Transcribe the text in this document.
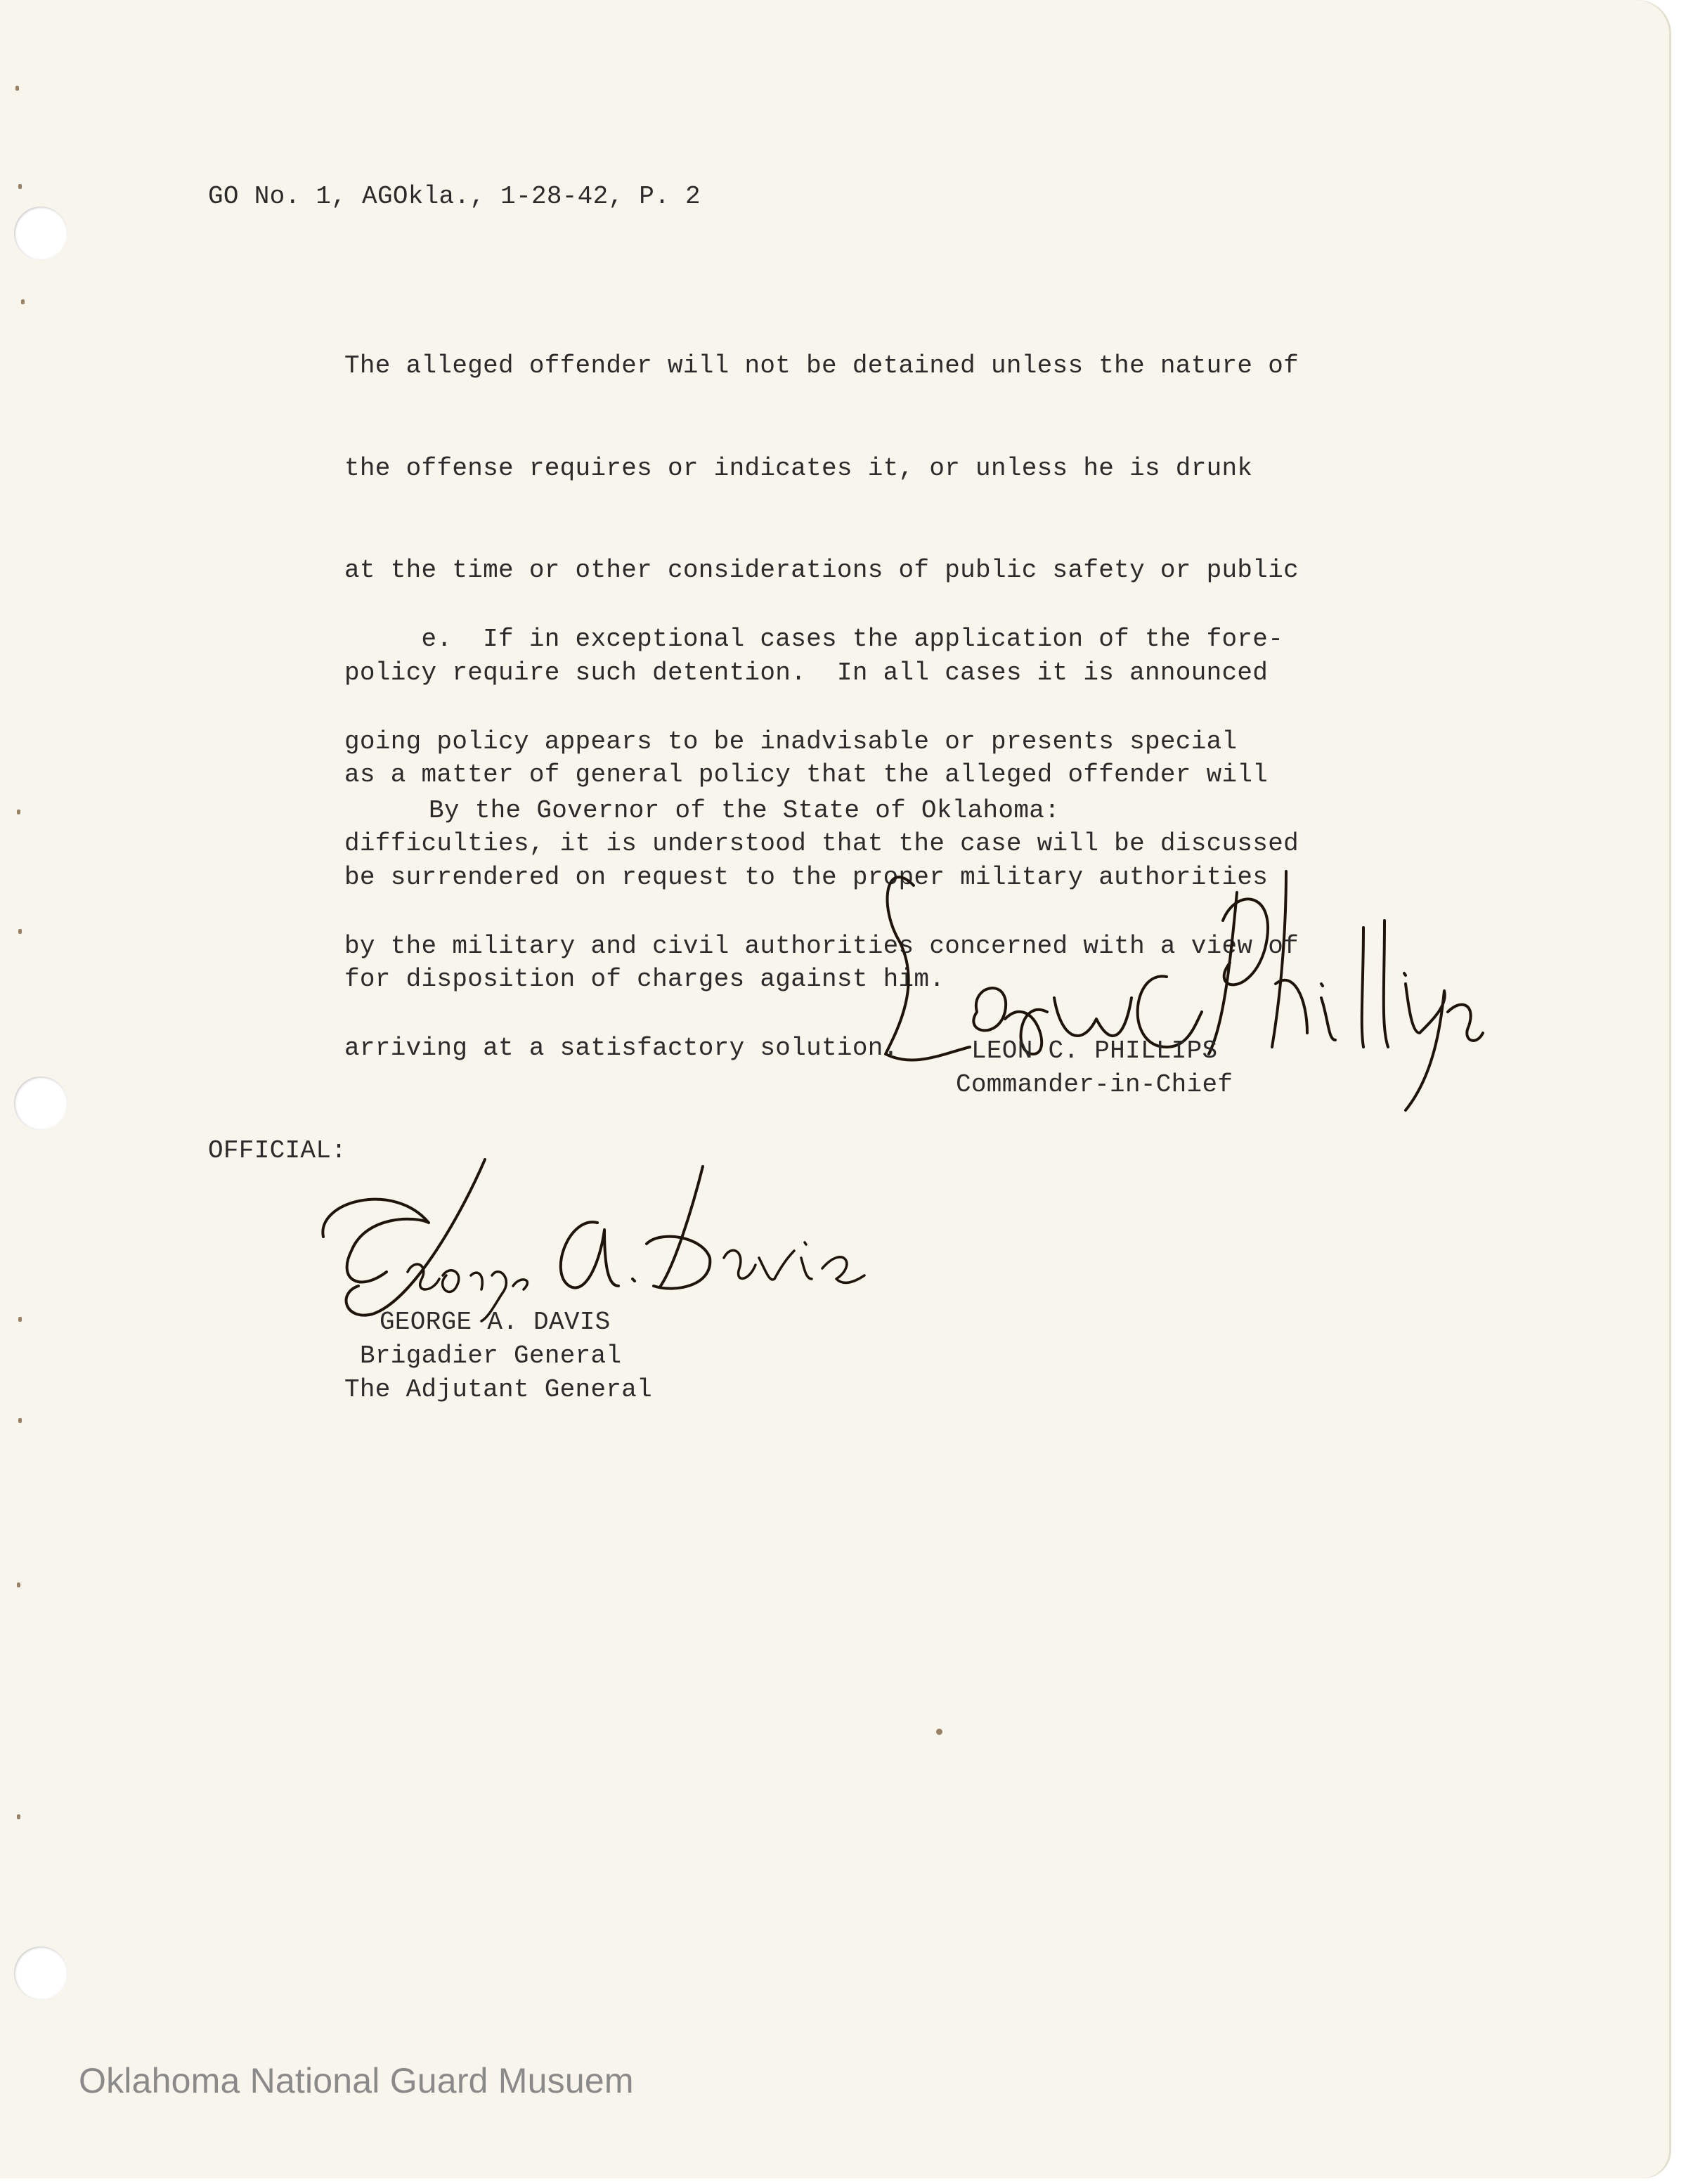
GO No. 1, AGOkla., 1-28-42, P. 2

The alleged offender will not be detained unless the nature of

the offense requires or indicates it, or unless he is drunk

at the time or other considerations of public safety or public

policy require such detention.  In all cases it is announced

as a matter of general policy that the alleged offender will

be surrendered on request to the proper military authorities

for disposition of charges against him.

e.  If in exceptional cases the application of the fore-

going policy appears to be inadvisable or presents special

difficulties, it is understood that the case will be discussed

by the military and civil authorities concerned with a view of

arriving at a satisfactory solution.

By the Governor of the State of Oklahoma:

LEON C. PHILLIPS

Commander-in-Chief

OFFICIAL:

GEORGE A. DAVIS

Brigadier General

The Adjutant General

Oklahoma National Guard Musuem
